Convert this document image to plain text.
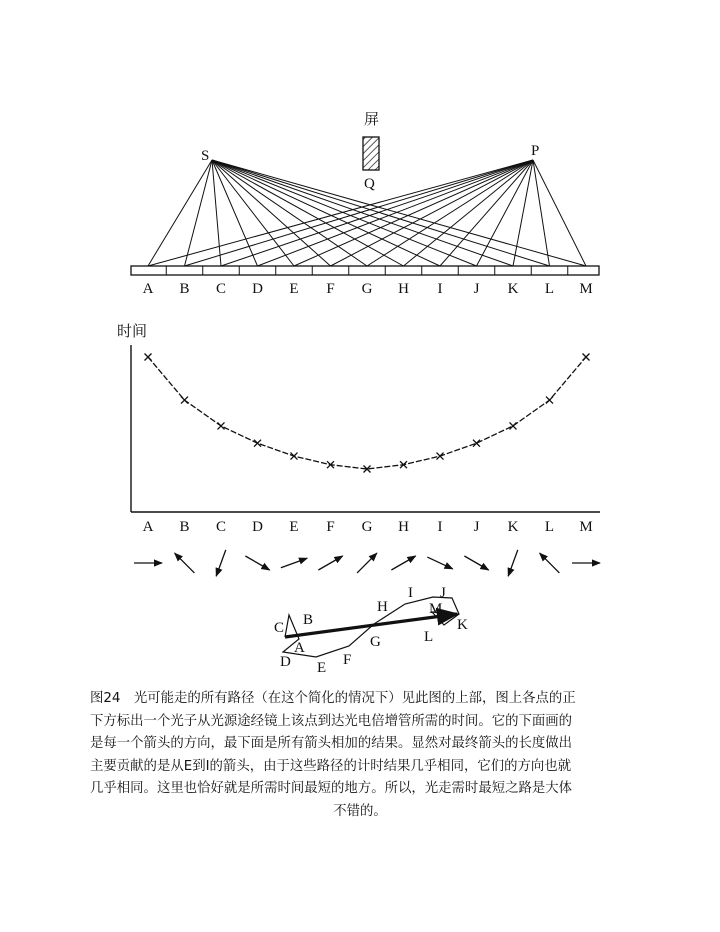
屏
Q
S	P
A B C D E F G H I J K L M
时间
A B C D E F G H I J K L M
A
B
C
D E F
G
H
I J
M
L
K
图24　光可能走的所有路径（在这个简化的情况下）见此图的上部，图上各点的正
下方标出一个光子从光源途经镜上该点到达光电倍增管所需的时间。它的下面画的
是每一个箭头的方向，最下面是所有箭头相加的结果。显然对最终箭头的长度做出
主要贡献的是从E到I的箭头，由于这些路径的计时结果几乎相同，它们的方向也就
几乎相同。这里也恰好就是所需时间最短的地方。所以，光走需时最短之路是大体
不错的。
